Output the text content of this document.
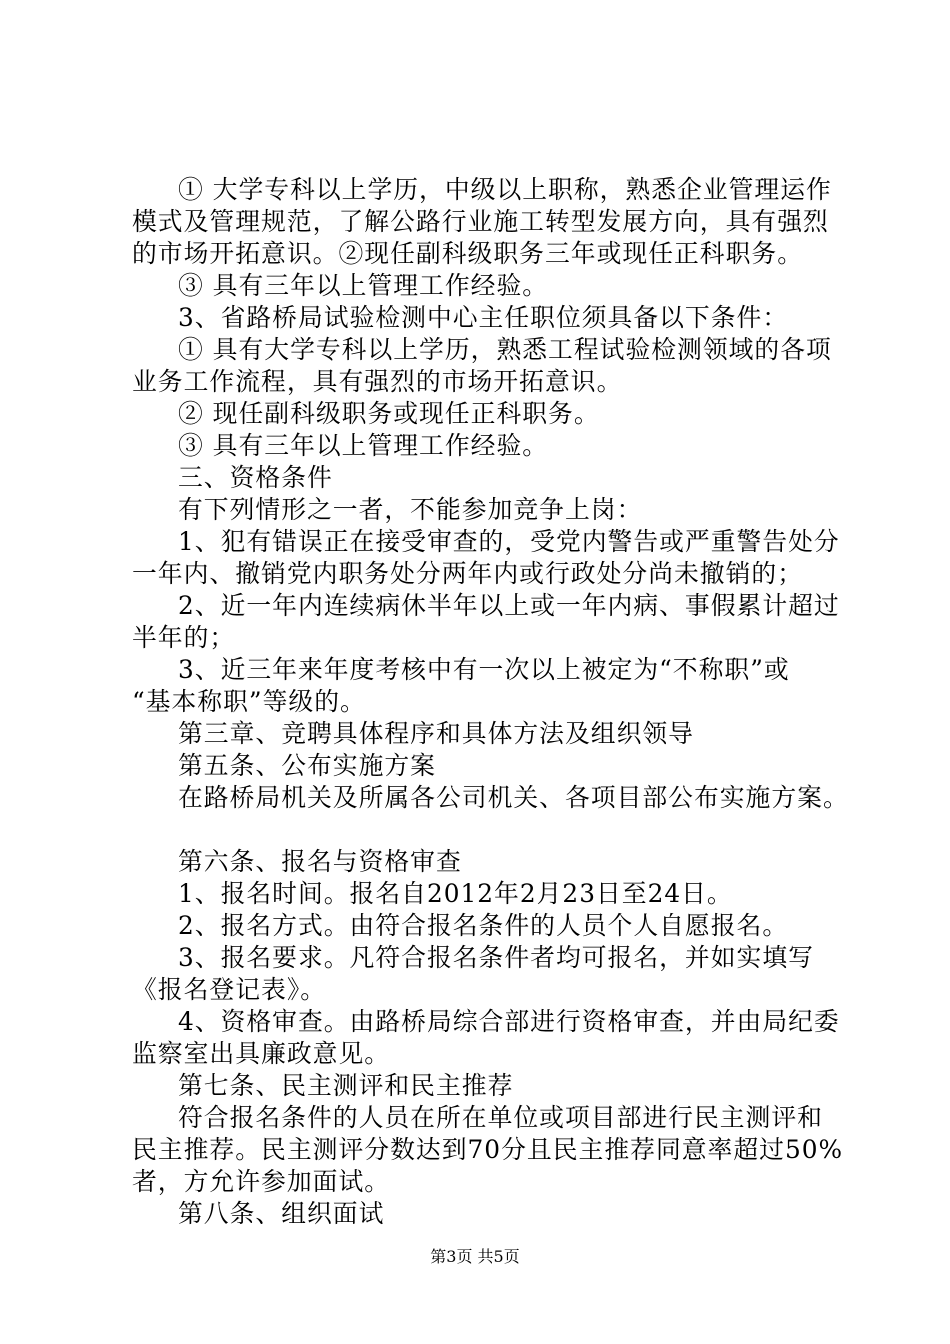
① 大学专科以上学历，中级以上职称，熟悉企业管理运作
模式及管理规范，了解公路行业施工转型发展方向，具有强烈
的市场开拓意识。②现任副科级职务三年或现任正科职务。
③ 具有三年以上管理工作经验。
3、省路桥局试验检测中心主任职位须具备以下条件：
① 具有大学专科以上学历，熟悉工程试验检测领域的各项
业务工作流程，具有强烈的市场开拓意识。
② 现任副科级职务或现任正科职务。
③ 具有三年以上管理工作经验。
三、资格条件
有下列情形之一者，不能参加竞争上岗：
1、犯有错误正在接受审查的，受党内警告或严重警告处分
一年内、撤销党内职务处分两年内或行政处分尚未撤销的；
2、近一年内连续病休半年以上或一年内病、事假累计超过
半年的；
3、近三年来年度考核中有一次以上被定为“不称职”或
“基本称职”等级的。
第三章、竞聘具体程序和具体方法及组织领导
第五条、公布实施方案
在路桥局机关及所属各公司机关、各项目部公布实施方案。
第六条、报名与资格审查
1、报名时间。报名自2012年2月23日至24日。
2、报名方式。由符合报名条件的人员个人自愿报名。
3、报名要求。凡符合报名条件者均可报名，并如实填写
《报名登记表》。
4、资格审查。由路桥局综合部进行资格审查，并由局纪委
监察室出具廉政意见。
第七条、民主测评和民主推荐
符合报名条件的人员在所在单位或项目部进行民主测评和
民主推荐。民主测评分数达到70分且民主推荐同意率超过50%
者，方允许参加面试。
第八条、组织面试
第3页 共5页
